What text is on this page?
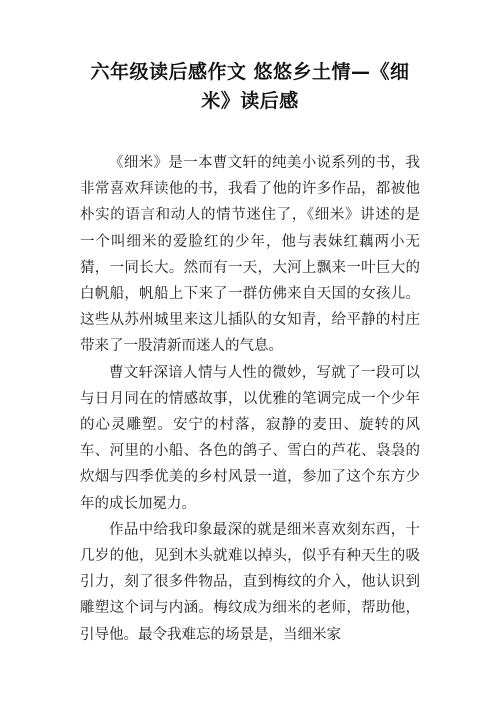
六年级读后感作文 悠悠乡土情—《细米》读后感

《细米》是一本曹文轩的纯美小说系列的书，我非常喜欢拜读他的书，我看了他的许多作品，都被他朴实的语言和动人的情节迷住了，《细米》讲述的是一个叫细米的爱脸红的少年，他与表妹红藕两小无猜，一同长大。然而有一天，大河上飘来一叶巨大的白帆船，帆船上下来了一群仿佛来自天国的女孩儿。这些从苏州城里来这儿插队的女知青，给平静的村庄带来了一股清新而迷人的气息。

曹文轩深谙人情与人性的微妙，写就了一段可以与日月同在的情感故事，以优雅的笔调完成一个少年的心灵雕塑。安宁的村落，寂静的麦田、旋转的风车、河里的小船、各色的鸽子、雪白的芦花、袅袅的炊烟与四季优美的乡村风景一道，参加了这个东方少年的成长加冕力。

作品中给我印象最深的就是细米喜欢刻东西，十几岁的他，见到木头就难以掉头，似乎有种天生的吸引力，刻了很多件物品，直到梅纹的介入，他认识到雕塑这个词与内涵。梅纹成为细米的老师，帮助他，引导他。最令我难忘的场景是，当细米家
